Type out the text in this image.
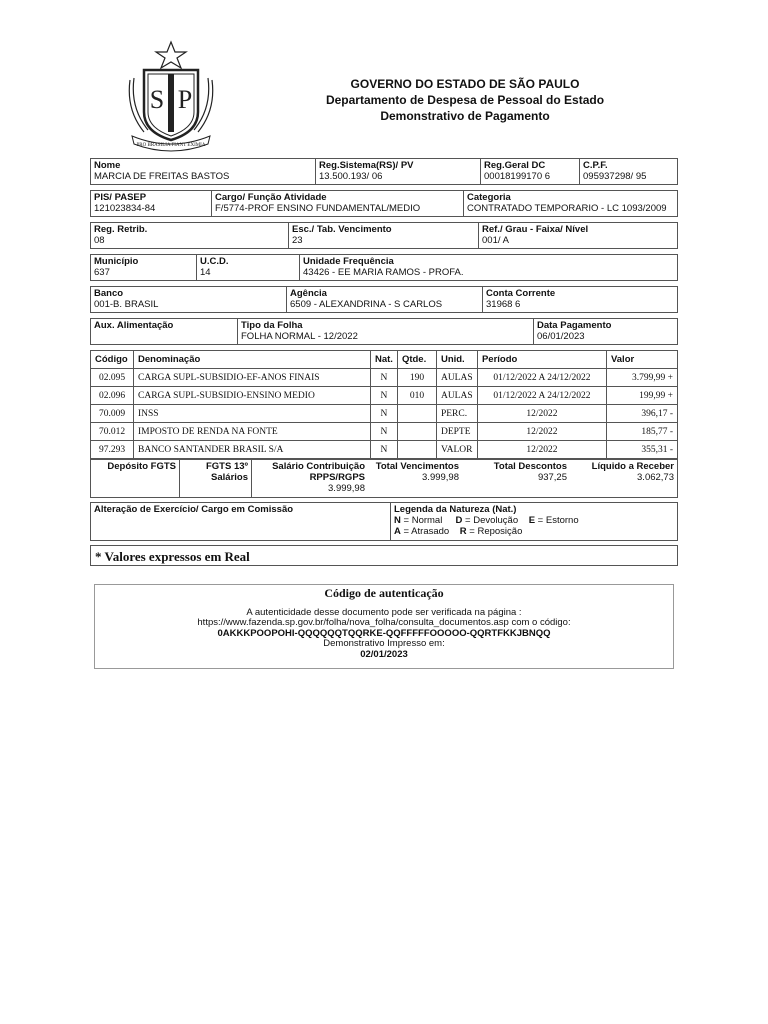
S P
PRO BRASILIA FIANT EXIMIA
GOVERNO DO ESTADO DE SÃO PAULO
Departamento de Despesa de Pessoal do Estado
Demonstrativo de Pagamento
Nome
MARCIA DE FREITAS BASTOS
Reg.Sistema(RS)/ PV
13.500.193/ 06
Reg.Geral DC
00018199170 6
C.P.F.
095937298/ 95
PIS/ PASEP
121023834-84
Cargo/ Função Atividade
F/5774-PROF ENSINO FUNDAMENTAL/MEDIO
Categoria
CONTRATADO TEMPORARIO - LC 1093/2009
Reg. Retrib.
08
Esc./ Tab. Vencimento
23
Ref./ Grau - Faixa/ Nível
001/ A
Município
637
U.C.D.
14
Unidade Frequência
43426 - EE MARIA RAMOS - PROFA.
Banco
001-B. BRASIL
Agência
6509 - ALEXANDRINA - S CARLOS
Conta Corrente
31968 6
Aux. Alimentação	Tipo da Folha
FOLHA NORMAL - 12/2022
Data Pagamento
06/01/2023
Código	Denominação	Nat.	Qtde.	Unid.	Período	Valor
02.095	CARGA SUPL-SUBSIDIO-EF-ANOS FINAIS	N	190	AULAS	01/12/2022 A 24/12/2022	3.799,99 +
02.096	CARGA SUPL-SUBSIDIO-ENSINO MEDIO	N	010	AULAS	01/12/2022 A 24/12/2022	199,99 +
70.009	INSS	N		PERC.	12/2022	396,17 -
70.012	IMPOSTO DE RENDA NA FONTE	N		DEPTE	12/2022	185,77 -
97.293	BANCO SANTANDER BRASIL S/A	N		VALOR	12/2022	355,31 -
Depósito FGTS	FGTS 13º
Salários
Salário Contribuição
RPPS/RGPS
3.999,98
Total Vencimentos
3.999,98
Total Descontos
937,25
Líquido a Receber
3.062,73
Alteração de Exercício/ Cargo em Comissão	Legenda da Natureza (Nat.)
N = Normal D = Devolução E = Estorno
A = Atrasado R = Reposição
* Valores expressos em Real
Código de autenticação
A autenticidade desse documento pode ser verificada na página :
https://www.fazenda.sp.gov.br/folha/nova_folha/consulta_documentos.asp com o código:
0AKKKPOOPOHI-QQQQQQTQQRKE-QQFFFFFOOOOO-QQRTFKKJBNQQ
Demonstrativo Impresso em:
02/01/2023
